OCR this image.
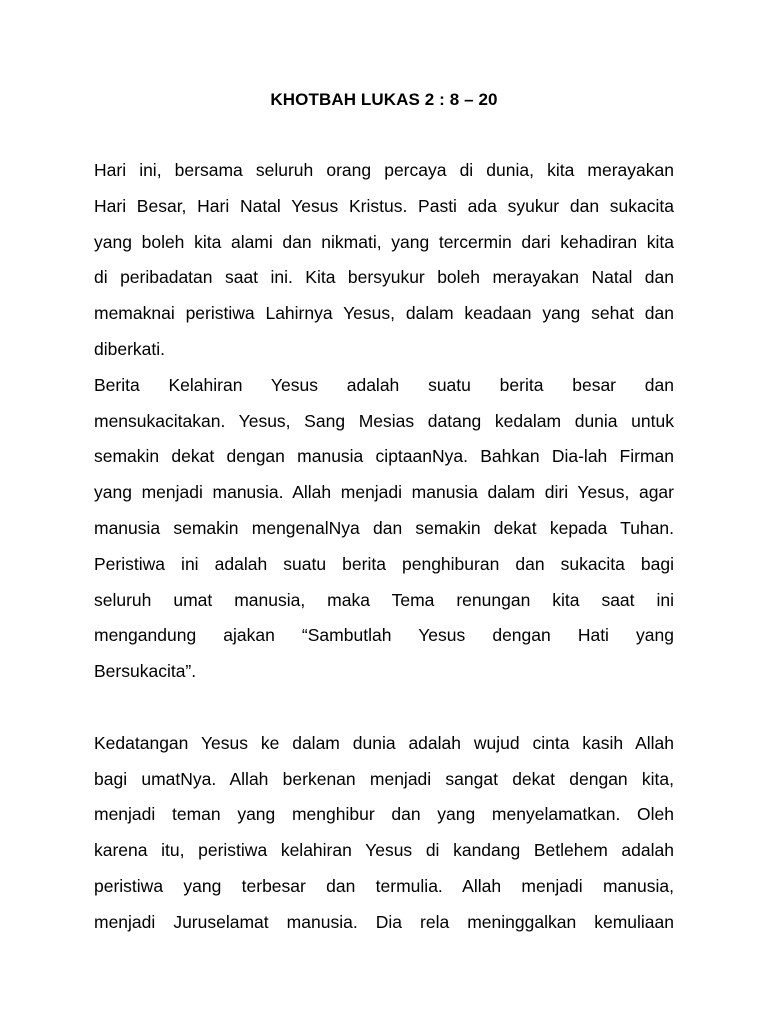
KHOTBAH LUKAS 2 : 8 – 20
Hari ini, bersama seluruh orang percaya di dunia, kita merayakan
Hari Besar, Hari Natal Yesus Kristus. Pasti ada syukur dan sukacita
yang boleh kita alami dan nikmati, yang tercermin dari kehadiran kita
di peribadatan saat ini. Kita bersyukur boleh merayakan Natal dan
memaknai peristiwa Lahirnya Yesus, dalam keadaan yang sehat dan
diberkati.
Berita Kelahiran Yesus adalah suatu berita besar dan
mensukacitakan. Yesus, Sang Mesias datang kedalam dunia untuk
semakin dekat dengan manusia ciptaanNya. Bahkan Dia-lah Firman
yang menjadi manusia. Allah menjadi manusia dalam diri Yesus, agar
manusia semakin mengenalNya dan semakin dekat kepada Tuhan.
Peristiwa ini adalah suatu berita penghiburan dan sukacita bagi
seluruh umat manusia, maka Tema renungan kita saat ini
mengandung ajakan “Sambutlah Yesus dengan Hati yang
Bersukacita”.
Kedatangan Yesus ke dalam dunia adalah wujud cinta kasih Allah
bagi umatNya. Allah berkenan menjadi sangat dekat dengan kita,
menjadi teman yang menghibur dan yang menyelamatkan. Oleh
karena itu, peristiwa kelahiran Yesus di kandang Betlehem adalah
peristiwa yang terbesar dan termulia. Allah menjadi manusia,
menjadi Juruselamat manusia. Dia rela meninggalkan kemuliaan
